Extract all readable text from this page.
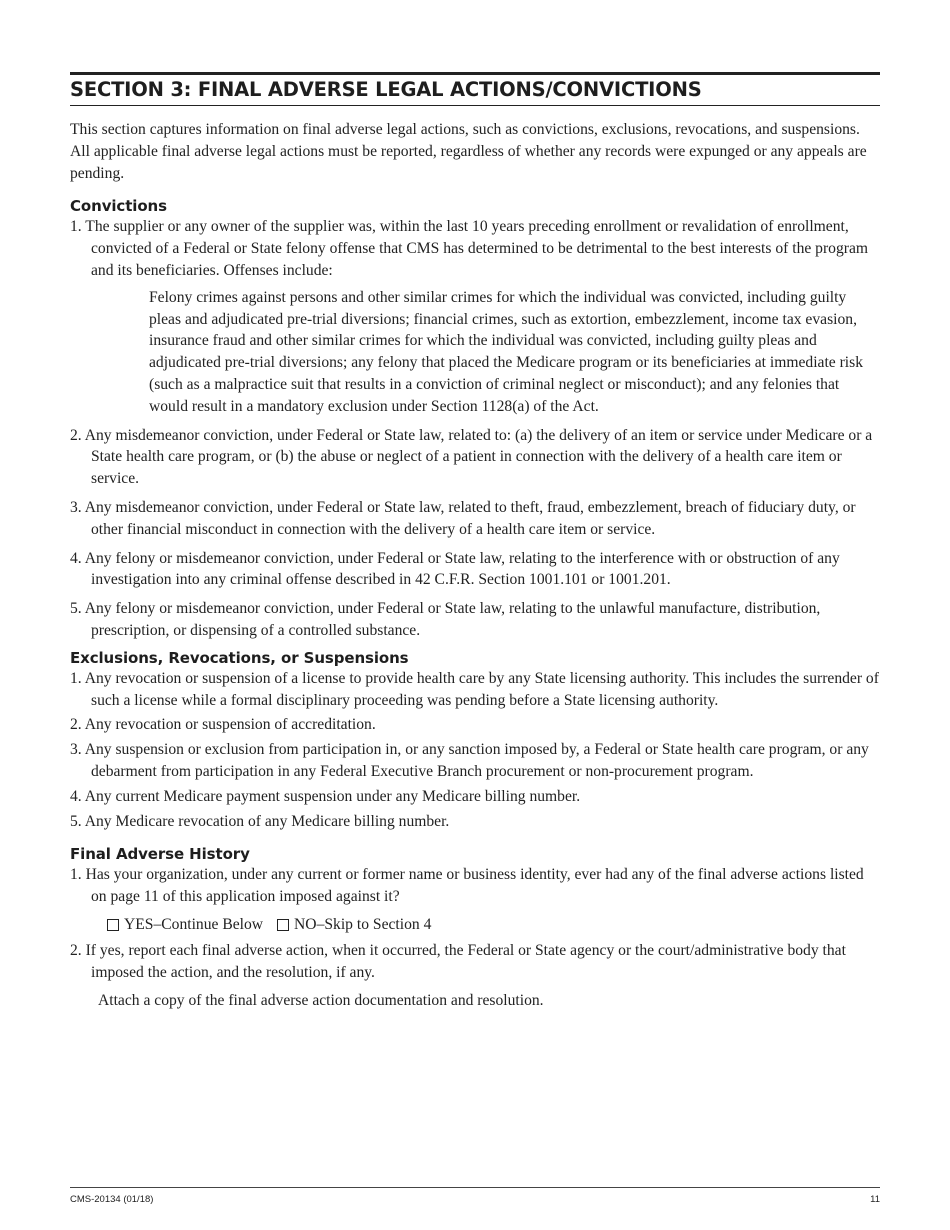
SECTION 3: FINAL ADVERSE LEGAL ACTIONS/CONVICTIONS

This section captures information on final adverse legal actions, such as convictions, exclusions, revocations, and suspensions. All applicable final adverse legal actions must be reported, regardless of whether any records were expunged or any appeals are pending.

Convictions
1. The supplier or any owner of the supplier was, within the last 10 years preceding enrollment or revalidation of enrollment, convicted of a Federal or State felony offense that CMS has determined to be detrimental to the best interests of the program and its beneficiaries. Offenses include:
Felony crimes against persons and other similar crimes for which the individual was convicted, including guilty pleas and adjudicated pre-trial diversions; financial crimes, such as extortion, embezzlement, income tax evasion, insurance fraud and other similar crimes for which the individual was convicted, including guilty pleas and adjudicated pre-trial diversions; any felony that placed the Medicare program or its beneficiaries at immediate risk (such as a malpractice suit that results in a conviction of criminal neglect or misconduct); and any felonies that would result in a mandatory exclusion under Section 1128(a) of the Act.
2. Any misdemeanor conviction, under Federal or State law, related to: (a) the delivery of an item or service under Medicare or a State health care program, or (b) the abuse or neglect of a patient in connection with the delivery of a health care item or service.
3. Any misdemeanor conviction, under Federal or State law, related to theft, fraud, embezzlement, breach of fiduciary duty, or other financial misconduct in connection with the delivery of a health care item or service.
4. Any felony or misdemeanor conviction, under Federal or State law, relating to the interference with or obstruction of any investigation into any criminal offense described in 42 C.F.R. Section 1001.101 or 1001.201.
5. Any felony or misdemeanor conviction, under Federal or State law, relating to the unlawful manufacture, distribution, prescription, or dispensing of a controlled substance.
Exclusions, Revocations, or Suspensions
1. Any revocation or suspension of a license to provide health care by any State licensing authority. This includes the surrender of such a license while a formal disciplinary proceeding was pending before a State licensing authority.
2. Any revocation or suspension of accreditation.
3. Any suspension or exclusion from participation in, or any sanction imposed by, a Federal or State health care program, or any debarment from participation in any Federal Executive Branch procurement or non-procurement program.
4. Any current Medicare payment suspension under any Medicare billing number.
5. Any Medicare revocation of any Medicare billing number.
Final Adverse History
1. Has your organization, under any current or former name or business identity, ever had any of the final adverse actions listed on page 11 of this application imposed against it?
YES–Continue Below NO–Skip to Section 4
2. If yes, report each final adverse action, when it occurred, the Federal or State agency or the court/administrative body that imposed the action, and the resolution, if any.

Attach a copy of the final adverse action documentation and resolution.

CMS-20134 (01/18)	11
